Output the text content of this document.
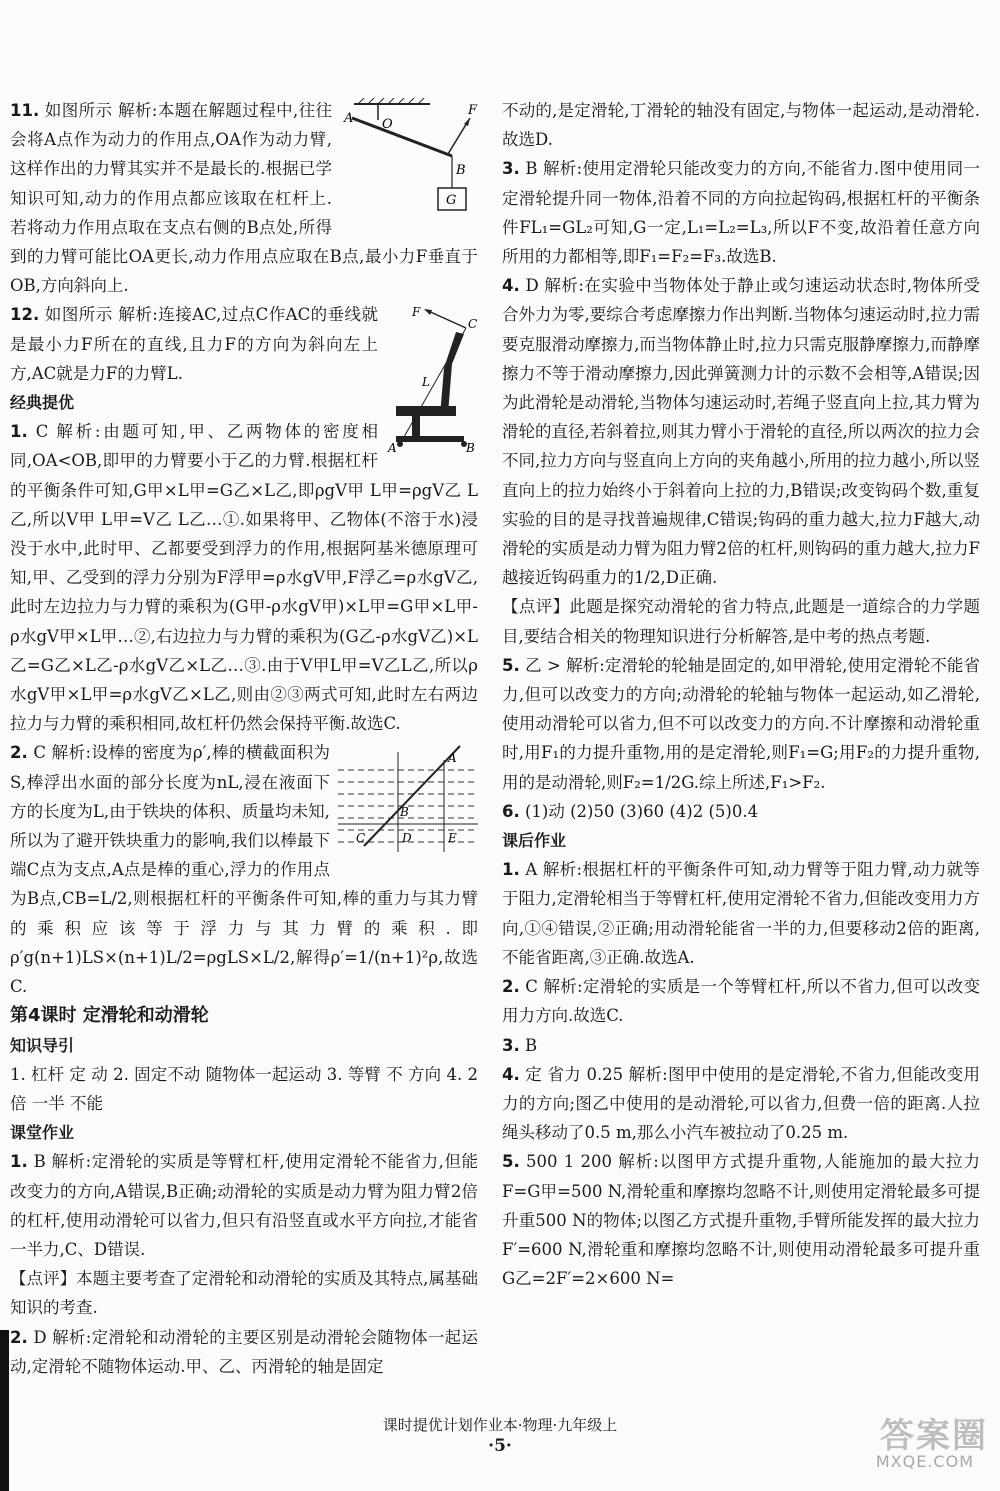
A O
F
B
G

11. 如图所示 解析:本题在解题过程中,往往会将A点作为动力的作用点,OA作为动力臂,这样作出的力臂其实并不是最长的.根据已学知识可知,动力的作用点都应该取在杠杆上.若将动力作用点取在支点右侧的B点处,所得到的力臂可能比OA更长,动力作用点应取在B点,最小力F垂直于OB,方向斜向上.

F
C
L
A	B

12. 如图所示 解析:连接AC,过点C作AC的垂线就是最小力F所在的直线,且力F的方向为斜向左上方,AC就是力F的力臂L.

经典提优

1. C 解析:由题可知,甲、乙两物体的密度相同,OA<OB,即甲的力臂要小于乙的力臂.根据杠杆的平衡条件可知,G甲×L甲=G乙×L乙,即ρgV甲 L甲=ρgV乙 L乙,所以V甲 L甲=V乙 L乙…①.如果将甲、乙物体(不溶于水)浸没于水中,此时甲、乙都要受到浮力的作用,根据阿基米德原理可知,甲、乙受到的浮力分别为F浮甲=ρ水gV甲,F浮乙=ρ水gV乙,此时左边拉力与力臂的乘积为(G甲-ρ水gV甲)×L甲=G甲×L甲-ρ水gV甲×L甲…②,右边拉力与力臂的乘积为(G乙-ρ水gV乙)×L乙=G乙×L乙-ρ水gV乙×L乙…③.由于V甲L甲=V乙L乙,所以ρ水gV甲×L甲=ρ水gV乙×L乙,则由②③两式可知,此时左右两边拉力与力臂的乘积相同,故杠杆仍然会保持平衡.故选C.

A
B
C	D	E

2. C 解析:设棒的密度为ρ′,棒的横截面积为S,棒浮出水面的部分长度为nL,浸在液面下方的长度为L,由于铁块的体积、质量均未知,所以为了避开铁块重力的影响,我们以棒最下端C点为支点,A点是棒的重心,浮力的作用点为B点,CB=L/2,则根据杠杆的平衡条件可知,棒的重力与其力臂的乘积应该等于浮力与其力臂的乘积.即ρ′g(n+1)LS×(n+1)L/2=ρgLS×L/2,解得ρ′=1/(n+1)²ρ,故选C.

第4课时 定滑轮和动滑轮

知识导引

1. 杠杆 定 动 2. 固定不动 随物体一起运动 3. 等臂 不 方向 4. 2倍 一半 不能

课堂作业

1. B 解析:定滑轮的实质是等臂杠杆,使用定滑轮不能省力,但能改变力的方向,A错误,B正确;动滑轮的实质是动力臂为阻力臂2倍的杠杆,使用动滑轮可以省力,但只有沿竖直或水平方向拉,才能省一半力,C、D错误.

【点评】本题主要考查了定滑轮和动滑轮的实质及其特点,属基础知识的考查.

2. D 解析:定滑轮和动滑轮的主要区别是动滑轮会随物体一起运动,定滑轮不随物体运动.甲、乙、丙滑轮的轴是固定

不动的,是定滑轮,丁滑轮的轴没有固定,与物体一起运动,是动滑轮.故选D.

3. B 解析:使用定滑轮只能改变力的方向,不能省力.图中使用同一定滑轮提升同一物体,沿着不同的方向拉起钩码,根据杠杆的平衡条件FL₁=GL₂可知,G一定,L₁=L₂=L₃,所以F不变,故沿着任意方向所用的力都相等,即F₁=F₂=F₃.故选B.

4. D 解析:在实验中当物体处于静止或匀速运动状态时,物体所受合外力为零,要综合考虑摩擦力作出判断.当物体匀速运动时,拉力需要克服滑动摩擦力,而当物体静止时,拉力只需克服静摩擦力,而静摩擦力不等于滑动摩擦力,因此弹簧测力计的示数不会相等,A错误;因为此滑轮是动滑轮,当物体匀速运动时,若绳子竖直向上拉,其力臂为滑轮的直径,若斜着拉,则其力臂小于滑轮的直径,所以两次的拉力会不同,拉力方向与竖直向上方向的夹角越小,所用的拉力越小,所以竖直向上的拉力始终小于斜着向上拉的力,B错误;改变钩码个数,重复实验的目的是寻找普遍规律,C错误;钩码的重力越大,拉力F越大,动滑轮的实质是动力臂为阻力臂2倍的杠杆,则钩码的重力越大,拉力F越接近钩码重力的1/2,D正确.

【点评】此题是探究动滑轮的省力特点,此题是一道综合的力学题目,要结合相关的物理知识进行分析解答,是中考的热点考题.

5. 乙 > 解析:定滑轮的轮轴是固定的,如甲滑轮,使用定滑轮不能省力,但可以改变力的方向;动滑轮的轮轴与物体一起运动,如乙滑轮,使用动滑轮可以省力,但不可以改变力的方向.不计摩擦和动滑轮重时,用F₁的力提升重物,用的是定滑轮,则F₁=G;用F₂的力提升重物,用的是动滑轮,则F₂=1/2G.综上所述,F₁>F₂.

6. (1)动 (2)50 (3)60 (4)2 (5)0.4

课后作业

1. A 解析:根据杠杆的平衡条件可知,动力臂等于阻力臂,动力就等于阻力,定滑轮相当于等臂杠杆,使用定滑轮不省力,但能改变用力方向,①④错误,②正确;用动滑轮能省一半的力,但要移动2倍的距离,不能省距离,③正确.故选A.

2. C 解析:定滑轮的实质是一个等臂杠杆,所以不省力,但可以改变用力方向.故选C.

3. B

4. 定 省力 0.25 解析:图甲中使用的是定滑轮,不省力,但能改变用力的方向;图乙中使用的是动滑轮,可以省力,但费一倍的距离.人拉绳头移动了0.5 m,那么小汽车被拉动了0.25 m.

5. 500 1 200 解析:以图甲方式提升重物,人能施加的最大拉力F=G甲=500 N,滑轮重和摩擦均忽略不计,则使用定滑轮最多可提升重500 N的物体;以图乙方式提升重物,手臂所能发挥的最大拉力F′=600 N,滑轮重和摩擦均忽略不计,则使用动滑轮最多可提升重G乙=2F′=2×600 N=

课时提优计划作业本·物理·九年级上
·5·	答案圈
MXQE.COM
